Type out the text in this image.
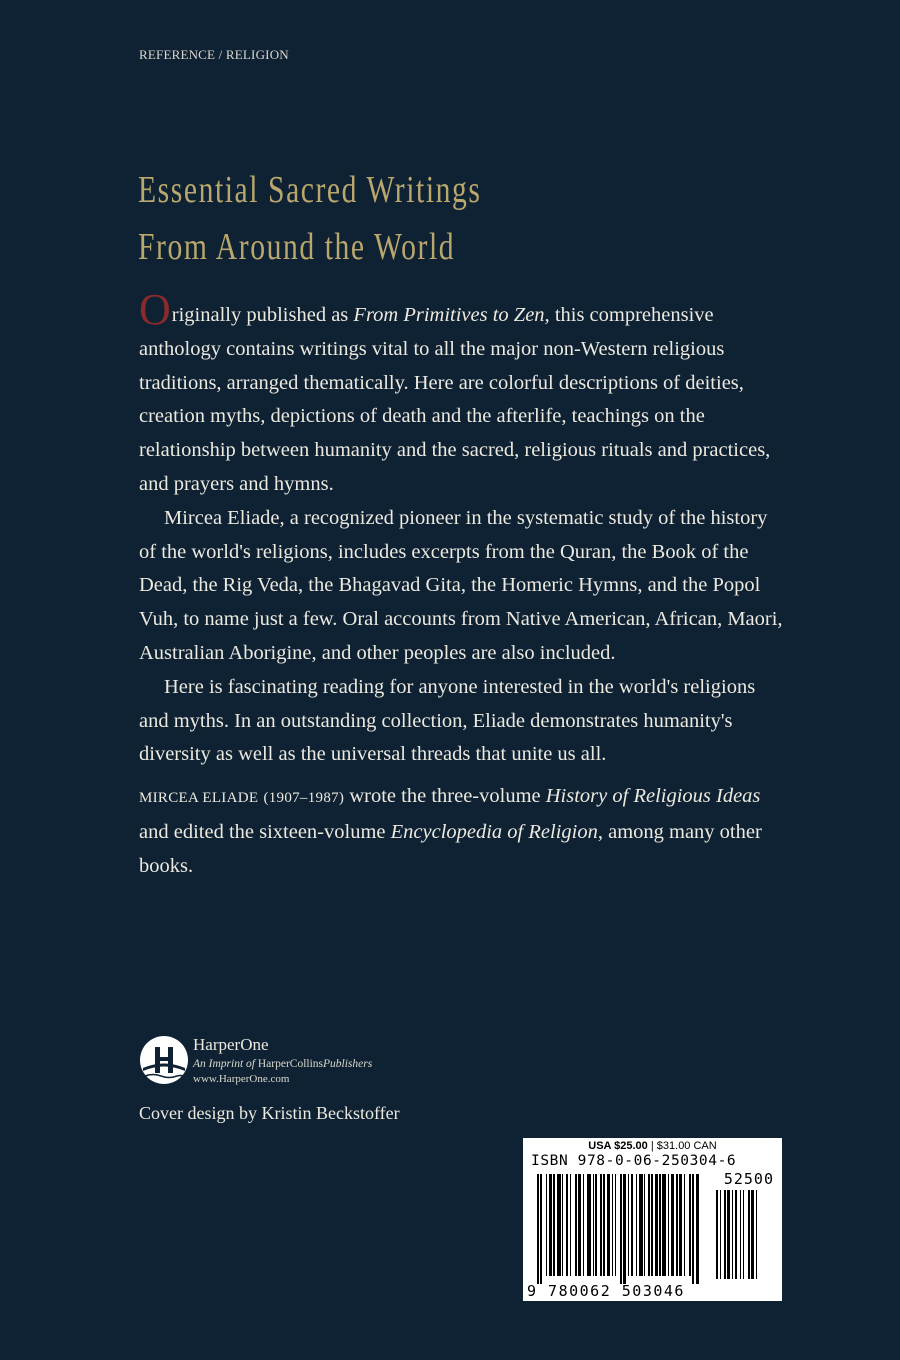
REFERENCE / RELIGION
Essential Sacred Writings
From Around the World

Originally published as From Primitives to Zen, this comprehensive anthology contains writings vital to all the major non-Western religious traditions, arranged thematically. Here are colorful descriptions of deities, creation myths, depictions of death and the afterlife, teachings on the relationship between humanity and the sacred, religious rituals and practices, and prayers and hymns.

Mircea Eliade, a recognized pioneer in the systematic study of the history of the world's religions, includes excerpts from the Quran, the Book of the Dead, the Rig Veda, the Bhagavad Gita, the Homeric Hymns, and the Popol Vuh, to name just a few. Oral accounts from Native American, African, Maori, Australian Aborigine, and other peoples are also included.

Here is fascinating reading for anyone interested in the world's religions and myths. In an outstanding collection, Eliade demonstrates humanity's diversity as well as the universal threads that unite us all.

MIRCEA ELIADE (1907–1987) wrote the three-volume History of Religious Ideas and edited the sixteen-volume Encyclopedia of Religion, among many other books.

HarperOne
An Imprint of HarperCollinsPublishers
www.HarperOne.com
Cover design by Kristin Beckstoffer
USA $25.00 | $31.00 CAN
ISBN 978-0-06-250304-6
52500
9 780062 503046
